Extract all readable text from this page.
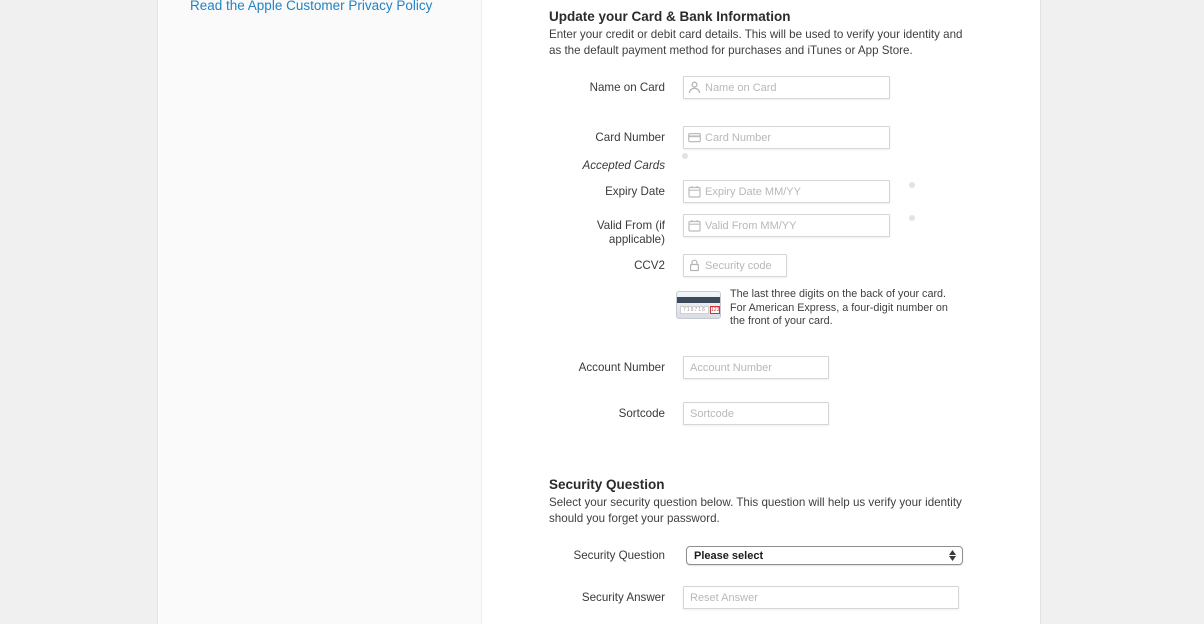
Read the Apple Customer Privacy Policy
Update your Card & Bank Information
Enter your credit or debit card details. This will be used to verify your identity and as the default payment method for purchases and iTunes or App Store.
Name on Card
Name on Card
Card Number
Card Number
Accepted Cards
Expiry Date
Expiry Date MM/YY
Valid From (if applicable)
Valid From MM/YY
CCV2
Security code
718718	123
The last three digits on the back of your card. For American Express, a four-digit number on the front of your card.
Account Number
Account Number
Sortcode
Sortcode
Security Question
Select your security question below. This question will help us verify your identity should you forget your password.
Security Question	Please select
Security Answer
Reset Answer
